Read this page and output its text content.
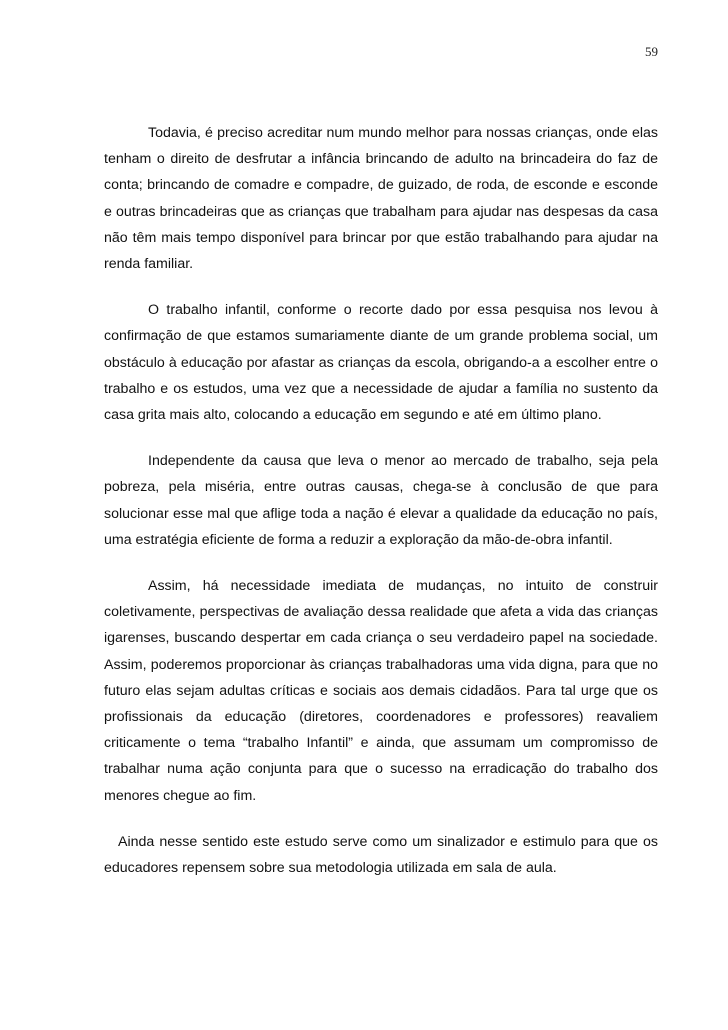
59

Todavia, é preciso acreditar num mundo melhor para nossas crianças, onde elas tenham o direito de desfrutar a infância brincando de adulto na brincadeira do faz de conta; brincando de comadre e compadre, de guizado, de roda, de esconde e esconde e outras brincadeiras que as crianças que trabalham para ajudar nas despesas da casa não têm mais tempo disponível para brincar por que estão trabalhando para ajudar na renda familiar.

O trabalho infantil, conforme o recorte dado por essa pesquisa nos levou à confirmação de que estamos sumariamente diante de um grande problema social, um obstáculo à educação por afastar as crianças da escola, obrigando-a a escolher entre o trabalho e os estudos, uma vez que a necessidade de ajudar a família no sustento da casa grita mais alto, colocando a educação em segundo e até em último plano.

Independente da causa que leva o menor ao mercado de trabalho, seja pela pobreza, pela miséria, entre outras causas, chega-se à conclusão de que para solucionar esse mal que aflige toda a nação é elevar a qualidade da educação no país, uma estratégia eficiente de forma a reduzir a exploração da mão-de-obra infantil.

Assim, há necessidade imediata de mudanças, no intuito de construir coletivamente, perspectivas de avaliação dessa realidade que afeta a vida das crianças igarenses, buscando despertar em cada criança o seu verdadeiro papel na sociedade. Assim, poderemos proporcionar às crianças trabalhadoras uma vida digna, para que no futuro elas sejam adultas críticas e sociais aos demais cidadãos. Para tal urge que os profissionais da educação (diretores, coordenadores e professores) reavaliem criticamente o tema “trabalho Infantil” e ainda, que assumam um compromisso de trabalhar numa ação conjunta para que o sucesso na erradicação do trabalho dos menores chegue ao fim.

Ainda nesse sentido este estudo serve como um sinalizador e estimulo para que os educadores repensem sobre sua metodologia utilizada em sala de aula.
